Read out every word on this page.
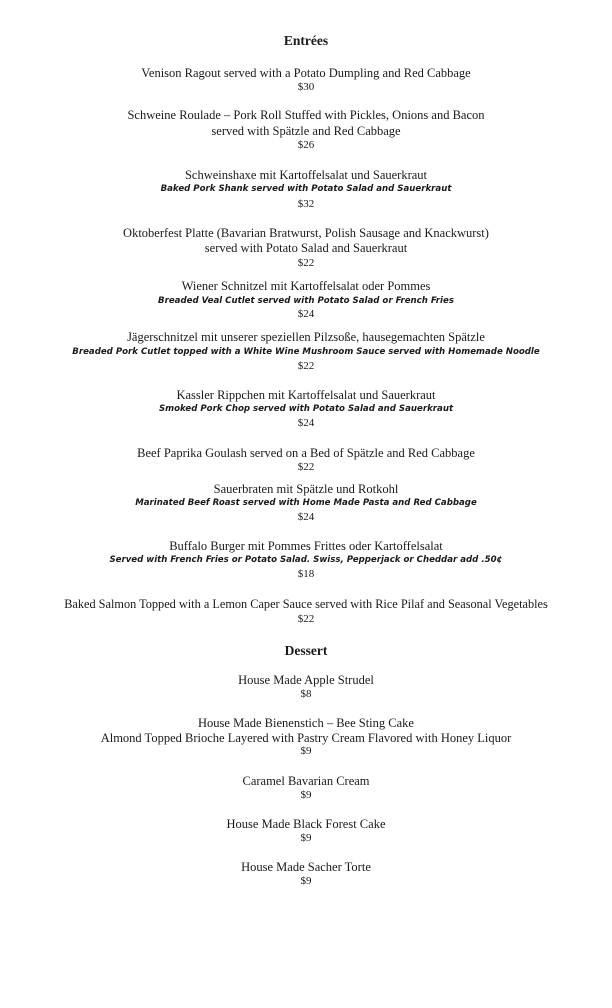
Entrées
Venison Ragout served with a Potato Dumpling and Red Cabbage
$30
Schweine Roulade – Pork Roll Stuffed with Pickles, Onions and Bacon
served with Spätzle and Red Cabbage
$26
Schweinshaxe mit Kartoffelsalat und Sauerkraut
Baked Pork Shank served with Potato Salad and Sauerkraut
$32
Oktoberfest Platte (Bavarian Bratwurst, Polish Sausage and Knackwurst)
served with Potato Salad and Sauerkraut
$22
Wiener Schnitzel mit Kartoffelsalat oder Pommes
Breaded Veal Cutlet served with Potato Salad or French Fries
$24
Jägerschnitzel mit unserer speziellen Pilzsoße, hausegemachten Spätzle
Breaded Pork Cutlet topped with a White Wine Mushroom Sauce served with Homemade Noodle
$22
Kassler Rippchen mit Kartoffelsalat und Sauerkraut
Smoked Pork Chop served with Potato Salad and Sauerkraut
$24
Beef Paprika Goulash served on a Bed of Spätzle and Red Cabbage
$22
Sauerbraten mit Spätzle und Rotkohl
Marinated Beef Roast served with Home Made Pasta and Red Cabbage
$24
Buffalo Burger mit Pommes Frittes oder Kartoffelsalat
Served with French Fries or Potato Salad. Swiss, Pepperjack or Cheddar add .50¢
$18
Baked Salmon Topped with a Lemon Caper Sauce served with Rice Pilaf and Seasonal Vegetables
$22
Dessert
House Made Apple Strudel
$8
House Made Bienenstich – Bee Sting Cake
Almond Topped Brioche Layered with Pastry Cream Flavored with Honey Liquor
$9
Caramel Bavarian Cream
$9
House Made Black Forest Cake
$9
House Made Sacher Torte
$9
